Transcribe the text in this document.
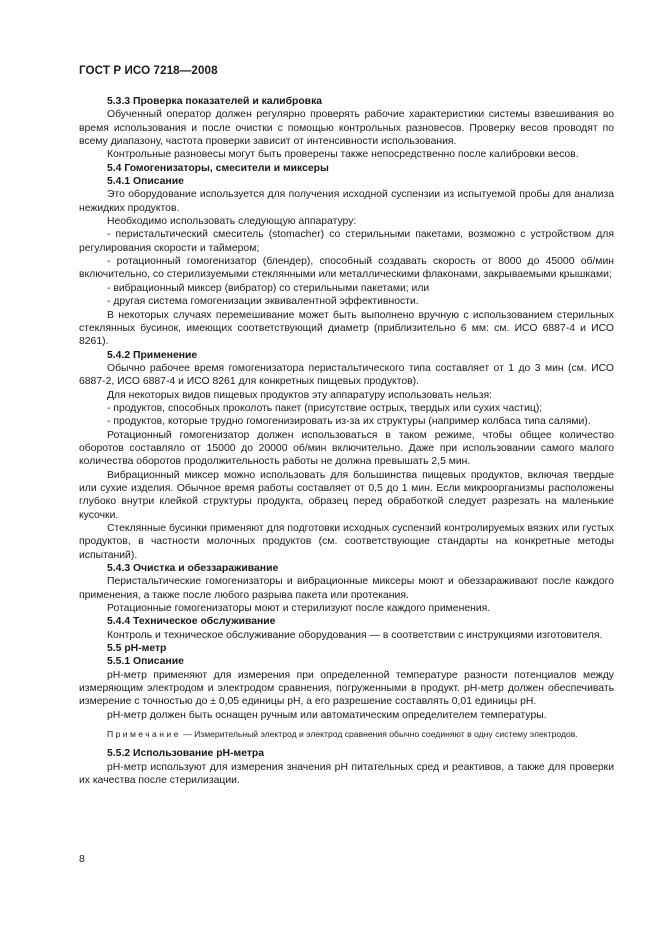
ГОСТ Р ИСО 7218—2008

5.3.3 Проверка показателей и калибровка

Обученный оператор должен регулярно проверять рабочие характеристики системы взвешивания во время использования и после очистки с помощью контрольных разновесов. Проверку весов проводят по всему диапазону, частота проверки зависит от интенсивности использования.

Контрольные разновесы могут быть проверены также непосредственно после калибровки весов.

5.4 Гомогенизаторы, смесители и миксеры

5.4.1 Описание

Это оборудование используется для получения исходной суспензии из испытуемой пробы для анализа нежидких продуктов.

Необходимо использовать следующую аппаратуру:

- перистальтический смеситель (stomacher) со стерильными пакетами, возможно с устройством для регулирования скорости и таймером;

- ротационный гомогенизатор (блендер), способный создавать скорость от 8000 до 45000 об/мин включительно, со стерилизуемыми стеклянными или металлическими флаконами, закрываемыми крышками;

- вибрационный миксер (вибратор) со стерильными пакетами; или

- другая система гомогенизации эквивалентной эффективности.

В некоторых случаях перемешивание может быть выполнено вручную с использованием стерильных стеклянных бусинок, имеющих соответствующий диаметр (приблизительно 6 мм: см. ИСО 6887-4 и ИСО 8261).

5.4.2 Применение

Обычно рабочее время гомогенизатора перистальтического типа составляет от 1 до 3 мин (см. ИСО 6887-2, ИСО 6887-4 и ИСО 8261 для конкретных пищевых продуктов).

Для некоторых видов пищевых продуктов эту аппаратуру использовать нельзя:

- продуктов, способных проколоть пакет (присутствие острых, твердых или сухих частиц);

- продуктов, которые трудно гомогенизировать из-за их структуры (например колбаса типа салями).

Ротационный гомогенизатор должен использоваться в таком режиме, чтобы общее количество оборотов составляло от 15000 до 20000 об/мин включительно. Даже при использовании самого малого количества оборотов продолжительность работы не должна превышать 2,5 мин.

Вибрационный миксер можно использовать для большинства пищевых продуктов, включая твердые или сухие изделия. Обычное время работы составляет от 0,5 до 1 мин. Если микроорганизмы расположены глубоко внутри клейкой структуры продукта, образец перед обработкой следует разрезать на маленькие кусочки.

Стеклянные бусинки применяют для подготовки исходных суспензий контролируемых вязких или густых продуктов, в частности молочных продуктов (см. соответствующие стандарты на конкретные методы испытаний).

5.4.3 Очистка и обеззараживание

Перистальтические гомогенизаторы и вибрационные миксеры моют и обеззараживают после каждого применения, а также после любого разрыва пакета или протекания.

Ротационные гомогенизаторы моют и стерилизуют после каждого применения.

5.4.4 Техническое обслуживание

Контроль и техническое обслуживание оборудования — в соответствии с инструкциями изготовителя.

5.5 pH-метр

5.5.1 Описание

pH-метр применяют для измерения при определенной температуре разности потенциалов между измеряющим электродом и электродом сравнения, погруженными в продукт. pH-метр должен обеспечивать измерение с точностью до ± 0,05 единицы pH, а его разрешение составлять 0,01 единицы pH.

pH-метр должен быть оснащен ручным или автоматическим определителем температуры.

Примечание — Измерительный электрод и электрод сравнения обычно соединяют в одну систему электродов.

5.5.2 Использование pH-метра

pH-метр используют для измерения значения pH питательных сред и реактивов, а также для проверки их качества после стерилизации.

8
